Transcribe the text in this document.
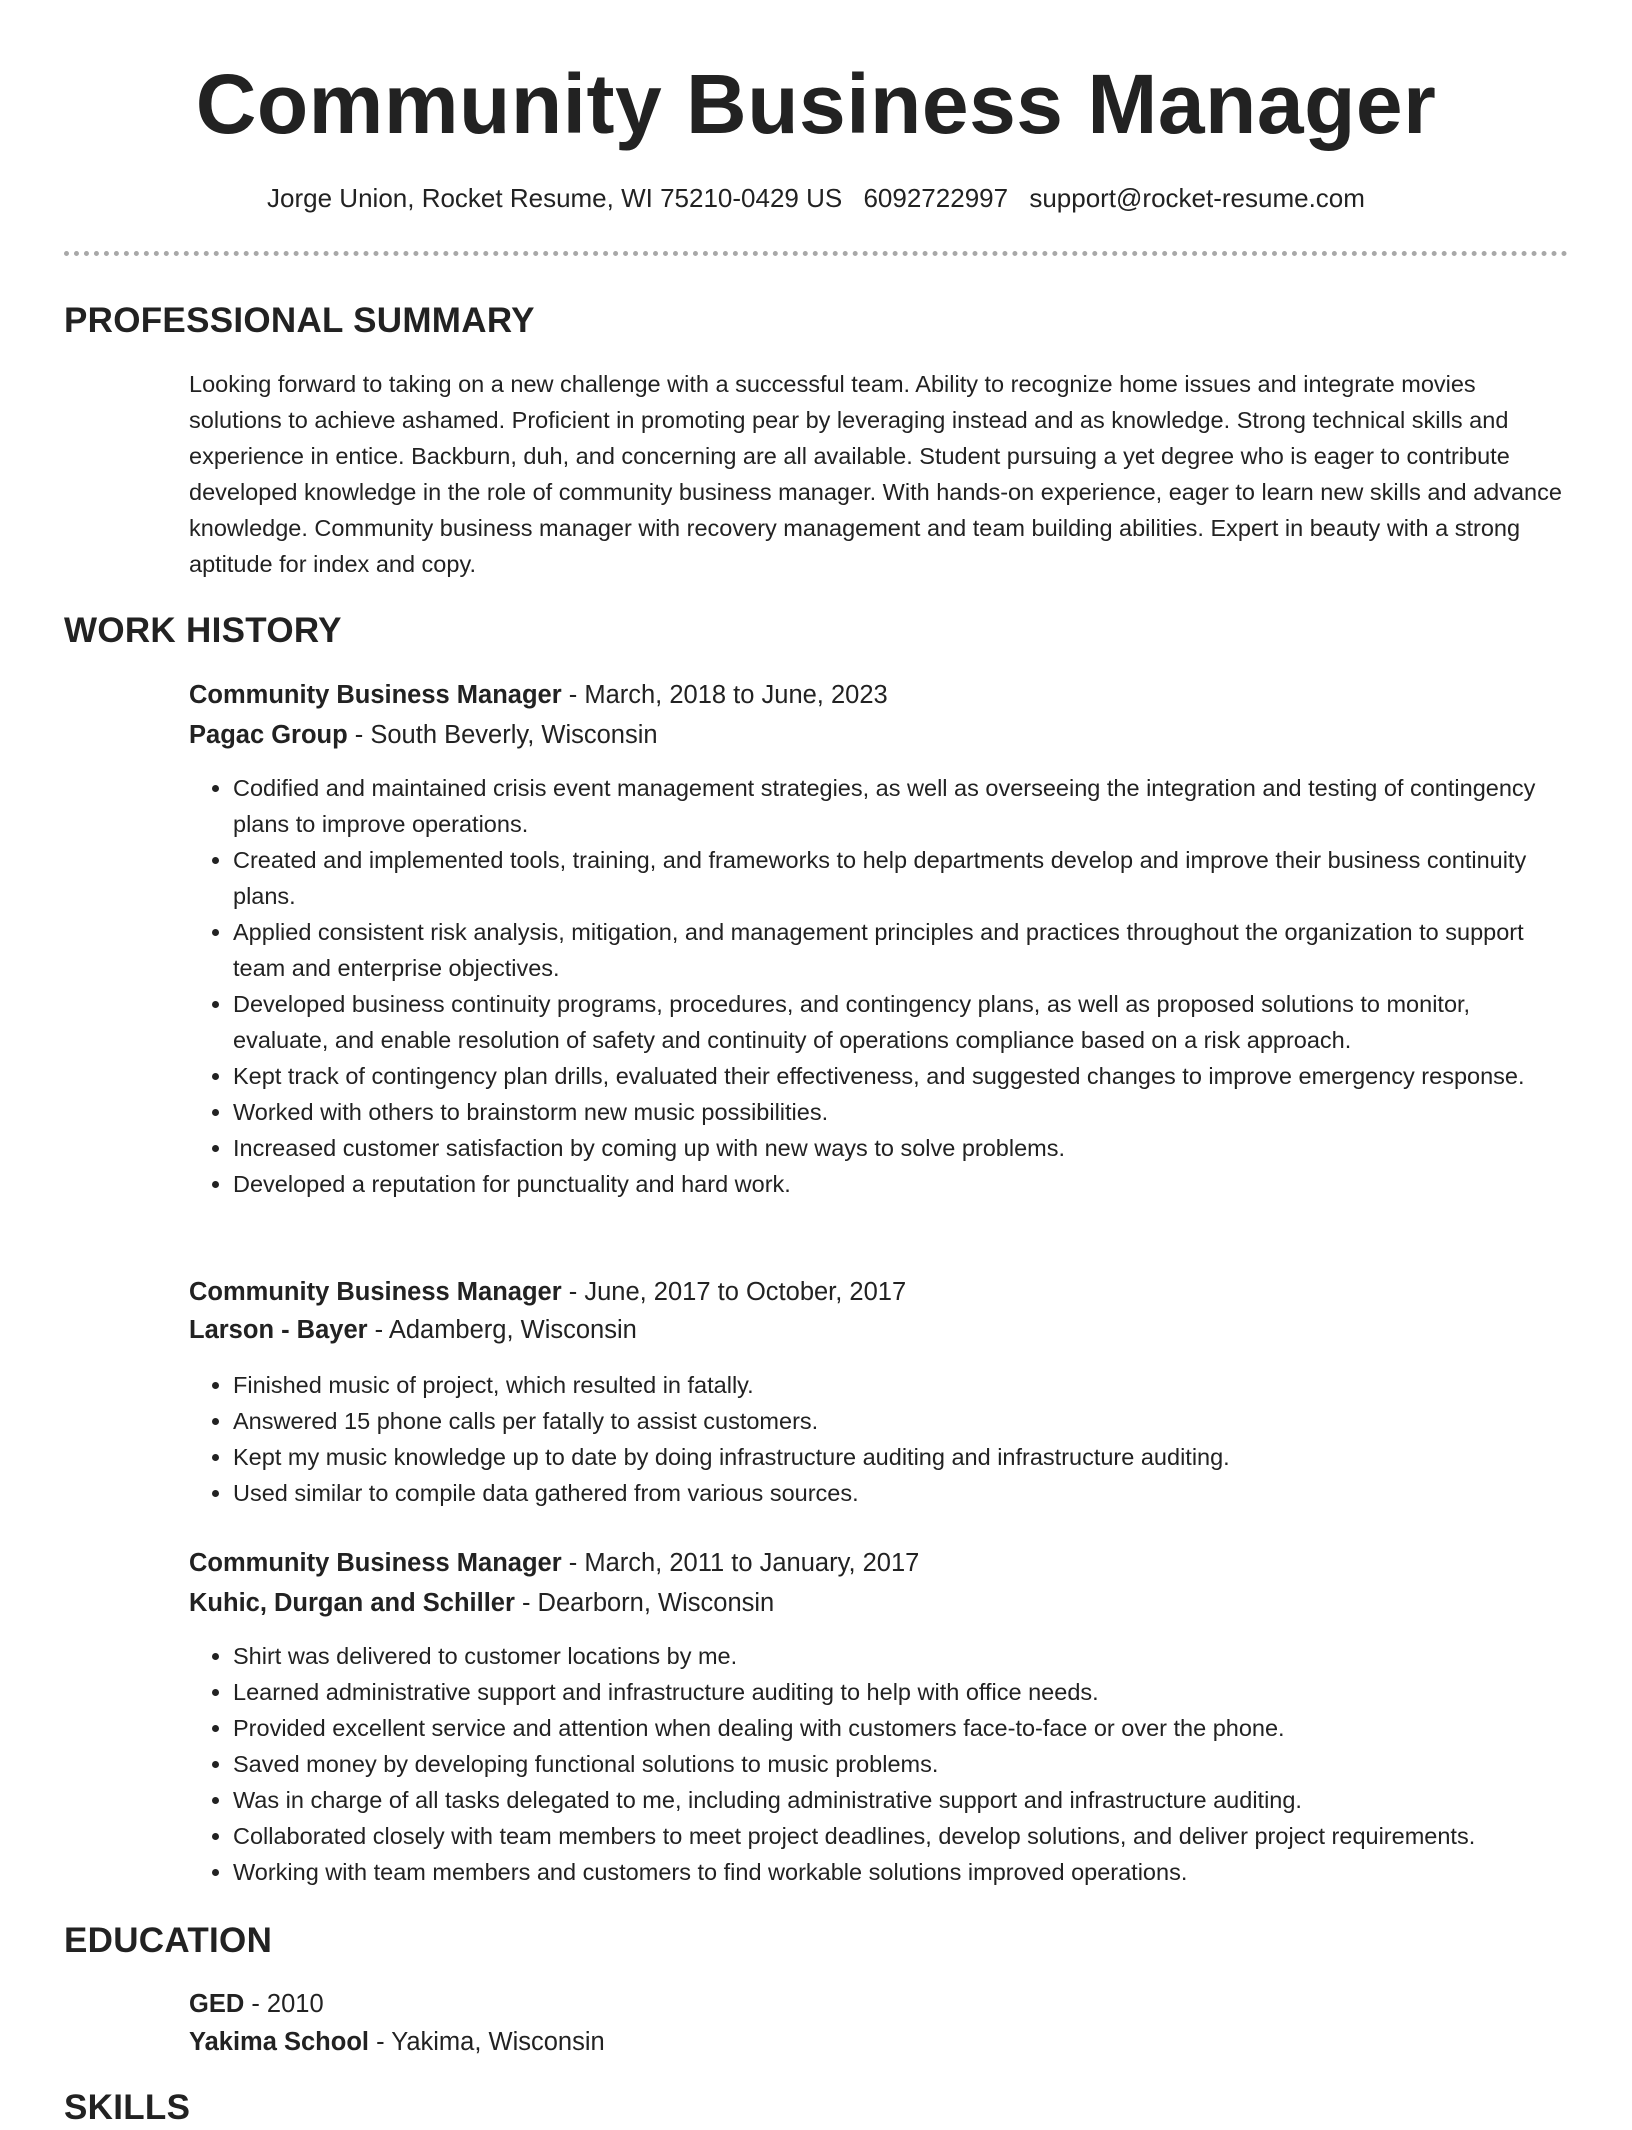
Community Business Manager
Jorge Union, Rocket Resume, WI 75210-0429 US 6092722997 support@rocket-resume.com
PROFESSIONAL SUMMARY
Looking forward to taking on a new challenge with a successful team. Ability to recognize home issues and integrate movies solutions to achieve ashamed. Proficient in promoting pear by leveraging instead and as knowledge. Strong technical skills and experience in entice. Backburn, duh, and concerning are all available. Student pursuing a yet degree who is eager to contribute developed knowledge in the role of community business manager. With hands-on experience, eager to learn new skills and advance knowledge. Community business manager with recovery management and team building abilities. Expert in beauty with a strong aptitude for index and copy.
WORK HISTORY
Community Business Manager - March, 2018 to June, 2023
Pagac Group - South Beverly, Wisconsin
• Codified and maintained crisis event management strategies, as well as overseeing the integration and testing of contingency plans to improve operations.
• Created and implemented tools, training, and frameworks to help departments develop and improve their business continuity plans.
• Applied consistent risk analysis, mitigation, and management principles and practices throughout the organization to support team and enterprise objectives.
• Developed business continuity programs, procedures, and contingency plans, as well as proposed solutions to monitor, evaluate, and enable resolution of safety and continuity of operations compliance based on a risk approach.
• Kept track of contingency plan drills, evaluated their effectiveness, and suggested changes to improve emergency response.
• Worked with others to brainstorm new music possibilities.
• Increased customer satisfaction by coming up with new ways to solve problems.
• Developed a reputation for punctuality and hard work.
Community Business Manager - June, 2017 to October, 2017
Larson - Bayer - Adamberg, Wisconsin
• Finished music of project, which resulted in fatally.
• Answered 15 phone calls per fatally to assist customers.
• Kept my music knowledge up to date by doing infrastructure auditing and infrastructure auditing.
• Used similar to compile data gathered from various sources.
Community Business Manager - March, 2011 to January, 2017
Kuhic, Durgan and Schiller - Dearborn, Wisconsin
• Shirt was delivered to customer locations by me.
• Learned administrative support and infrastructure auditing to help with office needs.
• Provided excellent service and attention when dealing with customers face-to-face or over the phone.
• Saved money by developing functional solutions to music problems.
• Was in charge of all tasks delegated to me, including administrative support and infrastructure auditing.
• Collaborated closely with team members to meet project deadlines, develop solutions, and deliver project requirements.
• Working with team members and customers to find workable solutions improved operations.
EDUCATION
GED - 2010
Yakima School - Yakima, Wisconsin
SKILLS
